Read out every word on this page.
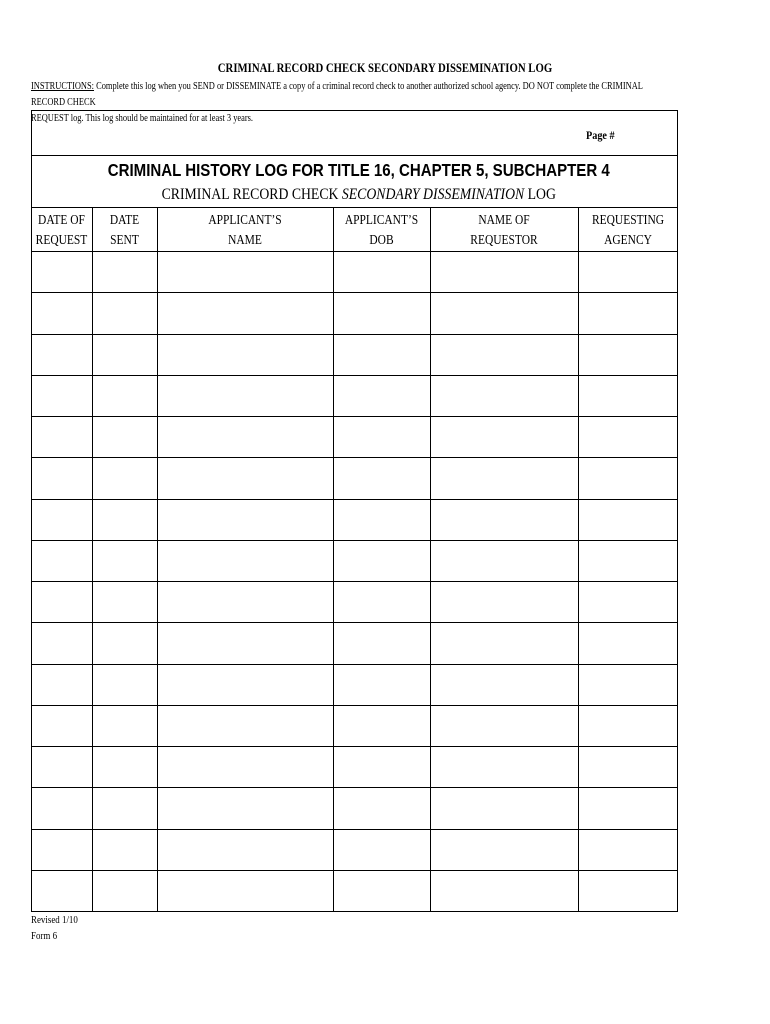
CRIMINAL RECORD CHECK SECONDARY DISSEMINATION LOG
INSTRUCTIONS: Complete this log when you SEND or DISSEMINATE a copy of a criminal record check to another authorized school agency. DO NOT complete the CRIMINAL RECORD CHECK
REQUEST log. This log should be maintained for at least 3 years.
Page #
CRIMINAL HISTORY LOG FOR TITLE 16, CHAPTER 5, SUBCHAPTER 4
CRIMINAL RECORD CHECK SECONDARY DISSEMINATION LOG
DATE OF
REQUEST
DATE
SENT
APPLICANT’S
NAME
APPLICANT’S
DOB
NAME OF
REQUESTOR
REQUESTING
AGENCY
Revised 1/10
Form 6
